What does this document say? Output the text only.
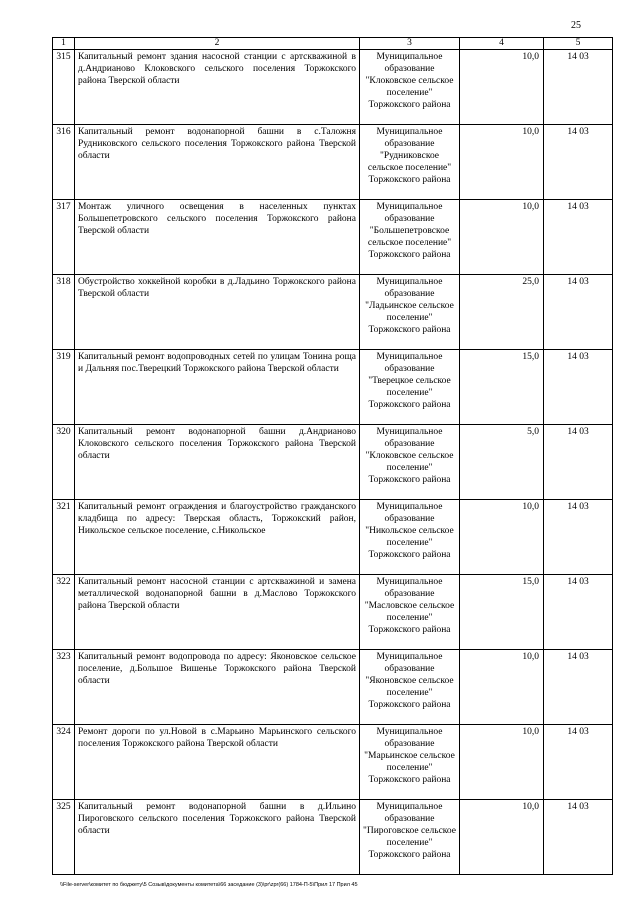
25
1	2	3	4	5
315	Капитальный ремонт здания насосной станции с артскважиной в д.Андрианово Клоковского сельского поселения Торжокского района Тверской области	Муниципальное образование "Клоковское сельское поселение" Торжокского района	10,0	14 03
316	Капитальный ремонт водонапорной башни в с.Таложня Рудниковского сельского поселения Торжокского района Тверской области	Муниципальное образование "Рудниковское сельское поселение" Торжокского района	10,0	14 03
317	Монтаж уличного освещения в населенных пунктах Большепетровского сельского поселения Торжокского района Тверской области	Муниципальное образование "Большепетровское сельское поселение" Торжокского района	10,0	14 03
318	Обустройство хоккейной коробки в д.Ладьино Торжокского района Тверской области	Муниципальное образование "Ладьинское сельское поселение" Торжокского района	25,0	14 03
319	Капитальный ремонт водопроводных сетей по улицам Тонина роща и Дальняя пос.Тверецкий Торжокского района Тверской области	Муниципальное образование "Тверецкое сельское поселение" Торжокского района	15,0	14 03
320	Капитальный ремонт водонапорной башни д.Андрианово Клоковского сельского поселения Торжокского района Тверской области	Муниципальное образование "Клоковское сельское поселение" Торжокского района	5,0	14 03
321	Капитальный ремонт ограждения и благоустройство гражданского кладбища по адресу: Тверская область, Торжокский район, Никольское сельское поселение, с.Никольское	Муниципальное образование "Никольское сельское поселение" Торжокского района	10,0	14 03
322	Капитальный ремонт насосной станции с артскважиной и замена металлической водонапорной башни в д.Маслово Торжокского района Тверской области	Муниципальное образование "Масловское сельское поселение" Торжокского района	15,0	14 03
323	Капитальный ремонт водопровода по адресу: Яконовское сельское поселение, д.Большое Вишенье Торжокского района Тверской области	Муниципальное образование "Яконовское сельское поселение" Торжокского района	10,0	14 03
324	Ремонт дороги по ул.Новой в с.Марьино Марьинского сельского поселения Торжокского района Тверской области	Муниципальное образование "Марьинское сельское поселение" Торжокского района	10,0	14 03
325	Капитальный ремонт водонапорной башни в д.Ильино Пироговского сельского поселения Торжокского района Тверской области	Муниципальное образование "Пироговское сельское поселение" Торжокского района	10,0	14 03
\\File-server\комитет по бюджету\5 Созыв\документы комитета\66 заседание (3)\pr\zpr(66) 1784-П-5\Прил 17 Прил 45
